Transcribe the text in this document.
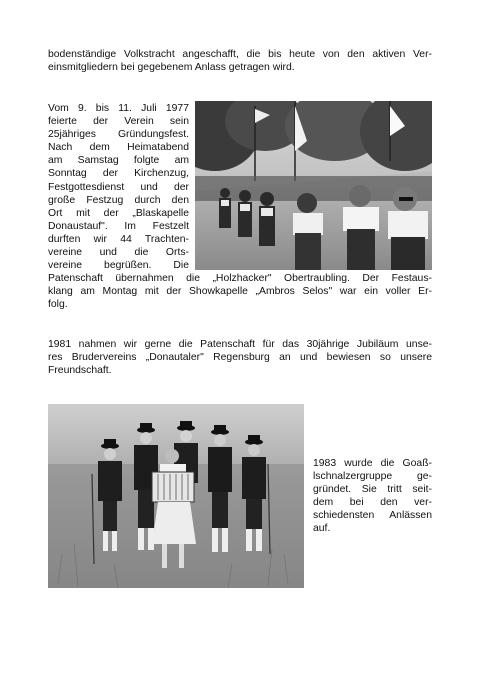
bodenständige Volkstracht angeschafft, die bis heute von den aktiven Ver-
einsmitgliedern bei gegebenem Anlass getragen wird.
Vom 9. bis 11. Juli 1977
feierte der Verein sein
25jähriges Gründungsfest.
Nach dem Heimatabend
am Samstag folgte am
Sonntag der Kirchenzug,
Festgottesdienst und der
große Festzug durch den
Ort mit der „Blaskapelle
Donaustauf". Im Festzelt
durften wir 44 Trachten-
vereine und die Orts-
vereine begrüßen. Die
Patenschaft übernahmen die „Holzhacker" Obertraubling. Der Festaus-
klang am Montag mit der Showkapelle „Ambros Selos" war ein voller Er-
folg.
1981 nahmen wir gerne die Patenschaft für das 30jährige Jubiläum unse-
res Brudervereins „Donautaler" Regensburg an und bewiesen so unsere
Freundschaft.
1983 wurde die Goaß-
lschnalzergruppe ge-
gründet. Sie tritt seit-
dem bei den ver-
schiedensten Anlässen
auf.
